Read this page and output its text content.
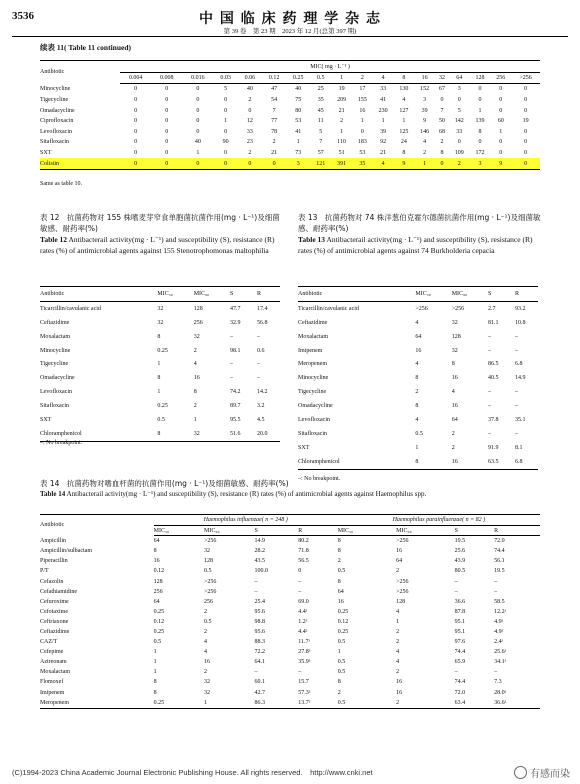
3536	中 国 临 床 药 理 学 杂 志
第 39 卷　第 23 期　2023 年 12 月(总第 397 期)
续表 11( Table 11 continued)
Antibiotic	MIC( mg · L⁻¹ )																	
	0.004	0.008	0.016	0.03	0.06	0.12	0.25	0.5	1	2	4	8	16	32	64	128	256	>256
Minocycline	0	0	0	5	40	47	40	25	19	17	33	130	152	67	3	0	0	0
Tigecycline	0	0	0	0	2	54	75	35	209	155	41	4	3	0	0	0	0	0
Omadacycline	0	0	0	0	0	7	80	45	21	16	230	127	39	7	5	1	0	0
Ciprofloxacin	0	0	0	1	12	77	53	11	2	1	1	1	9	50	142	139	60	19
Levofloxacin	0	0	0	0	33	78	41	5	1	0	39	125	146	68	33	8	1	0
Sitafloxacin	0	0	40	90	23	2	1	7	110	183	92	24	4	2	0	0	0	0
SXT	0	0	1	0	2	21	73	57	51	53	21	8	2	8	109	172	0	0
Colistin	0	0	0	0	0	0	3	121	391	35	4	9	1	0	2	3	9	0
Same as table 10.
表 12　抗菌药物对 155 株嗜麦芽窄食单胞菌抗菌作用(mg · L⁻¹)及细菌敏感、耐药率(%)
Table 12 Antibacterail activity(mg · L⁻¹) and susceptibility (S), resistance (R) rates (%) of antimicrobial agents against 155 Stenotrophomonas maltophilia
Antibiotic	MIC₅₀	MIC₉₀	S	R
Ticarcillin/cavulanic acid	32	128	47.7	17.4
Ceftazidime	32	256	32.9	56.8
Moxalactam	8	32	–	–
Minocycline	0.25	2	98.1	0.6
Tigecycline	1	4	–	–
Omadacycline	8	16	–	–
Levofloxacin	1	8	74.2	14.2
Sitafloxacin	0.25	2	89.7	3.2
SXT	0.5	1	95.5	4.5
Chloramphenicol	8	32	51.6	20.0
–: No breakpoint.
表 13　抗菌药物对 74 株洋葱伯克霍尔德菌抗菌作用(mg · L⁻¹)及细菌敏感、耐药率(%)
Table 13 Antibacterail activity(mg · L⁻¹) and susceptibility (S), resistance (R) rates (%) of antimicrobial agents against 74 Burkholderia cepacia
Antibiotic	MIC₅₀	MIC₉₀	S	R
Ticarcillin/cavulanic acid	>256	>256	2.7	93.2
Ceftazidime	4	32	81.1	10.8
Moxalactam	64	128	–	–
Imipenem	16	32	–	–
Meropenem	4	8	86.5	6.8
Minocycline	8	16	40.5	14.9
Tigecycline	2	4	–	–
Omadacycline	8	16	–	–
Levofloxacin	4	64	37.8	35.1
Sitafloxacin	0.5	2	–	–
SXT	1	2	91.9	8.1
Chloramphenicol	8	16	63.5	6.8
–: No breakpoint.
表 14　抗菌药物对嗜血杆菌的抗菌作用(mg · L⁻¹)及细菌敏感、耐药率(%)
Table 14 Antibacterail activity(mg · L⁻¹) and susceptibility (S), resistance (R) rates (%) of antimicrobial agents against Haemophilus spp.
Antibiotic	Haemophilus influenzae( n = 248 )				Haemophilus parainfluenzae( n = 82 )			
	MIC₅₀	MIC₉₀	S	R	MIC₅₀	MIC₉₀	S	R
Ampicillin	64	>256	14.9	80.2	8	>256	19.5	72.0
Ampicillin/sulbactam	8	32	28.2	71.8	8	16	25.6	74.4
Piperacillin	16	128	43.5	56.5	2	64	43.9	56.1
P/T	0.12	0.5	100.0	0	0.5	2	80.5	19.5
Cefazolin	128	>256	–	–	8	>256	–	–
Cefathiamidine	256	>256	–	–	64	>256	–	–
Cefuroxime	64	256	25.4	69.0	16	128	36.6	58.5
Cefotaxime	0.25	2	95.6	4.4ᵃ	0.25	4	87.8	12.2ᵃ
Ceftriaxone	0.12	0.5	98.8	1.2ᵃ	0.12	1	95.1	4.9ᵃ
Ceftazidime	0.25	2	95.6	4.4ᵃ	0.25	2	95.1	4.9ᵃ
CAZ/T	0.5	4	88.3	11.7ᵃ	0.5	2	97.6	2.4ᵃ
Cefepime	1	4	72.2	27.8ᵃ	1	4	74.4	25.6ᵃ
Aztreonam	1	16	64.1	35.9ᵃ	0.5	4	65.9	34.1ᵃ
Moxalactam	1	2	–	–	0.5	2	–	–
Flomoxef	8	32	60.1	15.7	8	16	74.4	7.3
Imipenem	8	32	42.7	57.3ᵃ	2	16	72.0	28.0ᵃ
Meropenem	0.25	1	86.3	13.7ᵃ	0.5	2	63.4	36.6ᵃ
(C)1994-2023 China Academic Journal Electronic Publishing House. All rights reserved.　http://www.cnki.net	有感而染
